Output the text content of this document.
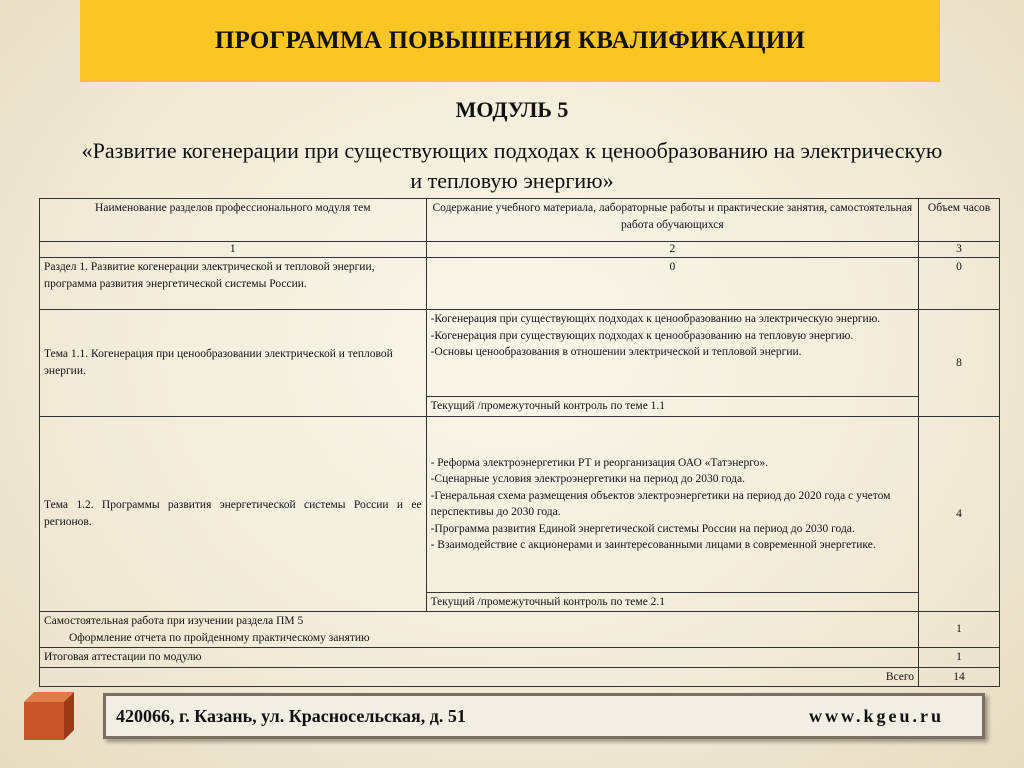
ПРОГРАММА ПОВЫШЕНИЯ КВАЛИФИКАЦИИ
МОДУЛЬ 5
«Развитие когенерации при существующих подходах к ценообразованию на электрическую
и тепловую энергию»
Наименование разделов профессионального модуля тем	Содержание учебного материала, лабораторные работы и практические занятия, самостоятельная работа обучающихся	Объем часов
1	2	3
Раздел 1. Развитие когенерации электрической и тепловой энергии, программа развития энергетической системы России.	0	0
Тема 1.1. Когенерация при ценообразовании электрической и тепловой энергии.	-Когенерация при существующих подходах к ценообразованию на электрическую энергию.
-Когенерация при существующих подходах к ценообразованию на тепловую энергию.
-Основы ценообразования в отношении электрической и тепловой энергии.	8
	Текущий /промежуточный контроль по теме 1.1	
Тема 1.2. Программы развития энергетической системы России и ее регионов.	- Реформа электроэнергетики РТ и реорганизация ОАО «Татэнерго».
-Сценарные условия электроэнергетики на период до 2030 года.
-Генеральная схема размещения объектов электроэнергетики на период до 2020 года с учетом перспективы до 2030 года.
-Программа развития Единой энергетической системы России на период до 2030 года.
- Взаимодействие с акционерами и заинтересованными лицами в современной энергетике.	4
	Текущий /промежуточный контроль по теме 2.1	

Самостоятельная работа при изучении раздела ПМ 5
Оформление отчета по пройденному практическому занятию		1
Итоговая аттестации по модулю		1
Всего		14
420066, г. Казань, ул. Красносельская, д. 51	www.kgeu.ru
